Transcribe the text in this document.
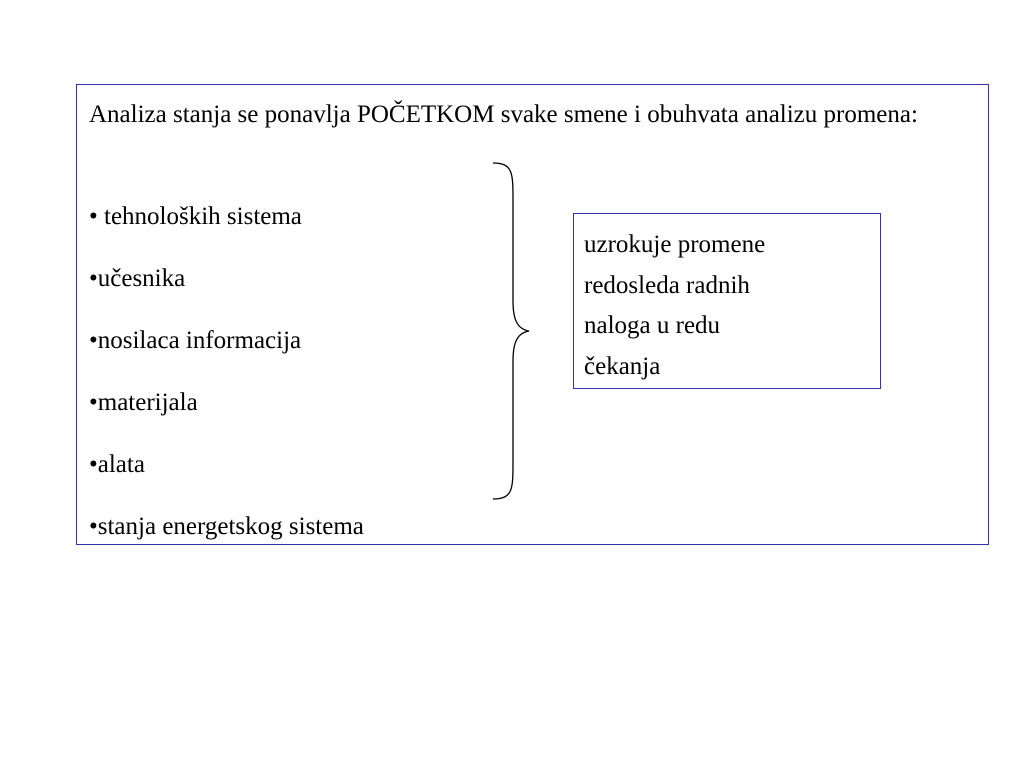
Analiza stanja se ponavlja POČETKOM svake smene i obuhvata analizu promena:

• tehnoloških sistema
•učesnika
•nosilaca informacija
•materijala
•alata
•stanja energetskog sistema
uzrokuje promene
redosleda radnih
naloga u redu
čekanja
